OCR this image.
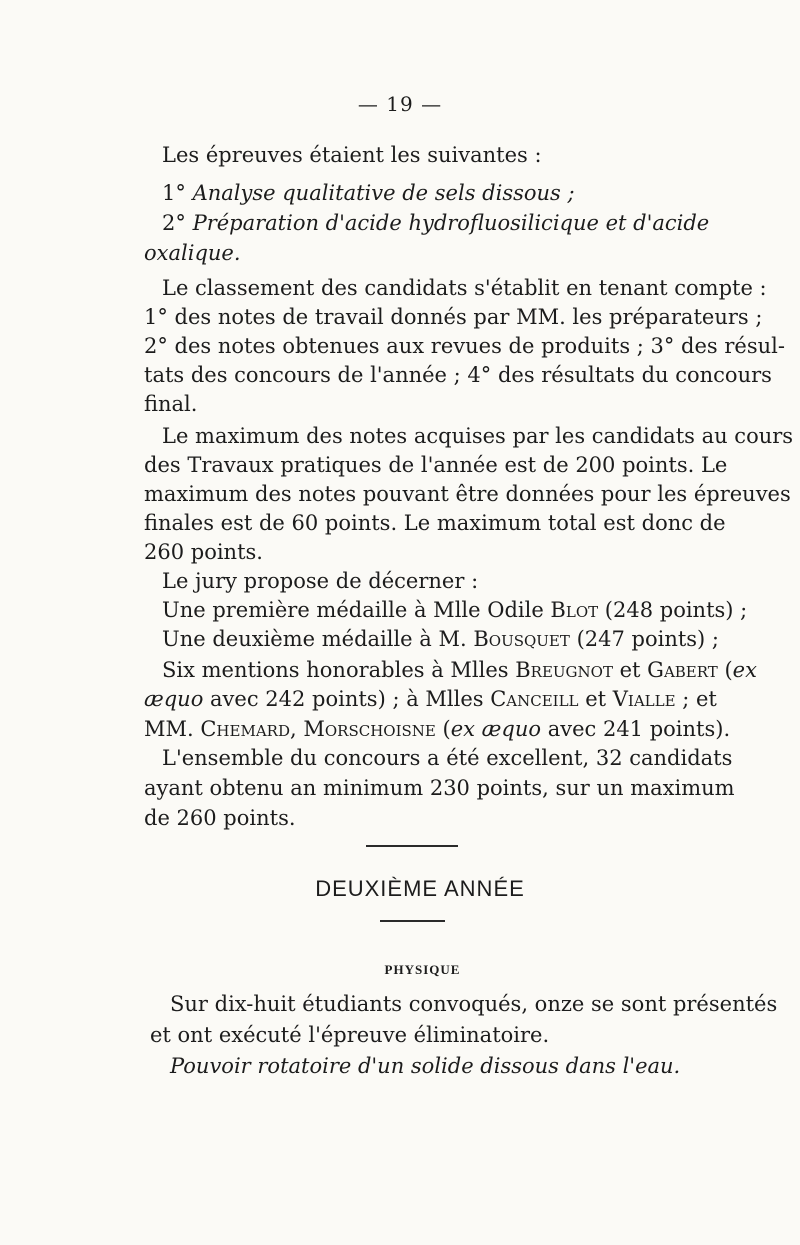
— 19 —
Les épreuves étaient les suivantes :
1° Analyse qualitative de sels dissous ;
2° Préparation d'acide hydrofluosilicique et d'acide
oxalique.
Le classement des candidats s'établit en tenant compte :
1° des notes de travail donnés par MM. les préparateurs ;
2° des notes obtenues aux revues de produits ; 3° des résul-
tats des concours de l'année ; 4° des résultats du concours
final.
Le maximum des notes acquises par les candidats au cours
des Travaux pratiques de l'année est de 200 points. Le
maximum des notes pouvant être données pour les épreuves
finales est de 60 points. Le maximum total est donc de
260 points.
Le jury propose de décerner :
Une première médaille à Mlle Odile Blot (248 points) ;
Une deuxième médaille à M. Bousquet (247 points) ;
Six mentions honorables à Mlles Breugnot et Gabert (ex
æquo avec 242 points) ; à Mlles Canceill et Vialle ; et
MM. Chemard, Morschoisne (ex æquo avec 241 points).
L'ensemble du concours a été excellent, 32 candidats
ayant obtenu an minimum 230 points, sur un maximum
de 260 points.
Sur dix-huit étudiants convoqués, onze se sont présentés
et ont exécuté l'épreuve éliminatoire.
Pouvoir rotatoire d'un solide dissous dans l'eau.
DEUXIÈME ANNÉE
PHYSIQUE
